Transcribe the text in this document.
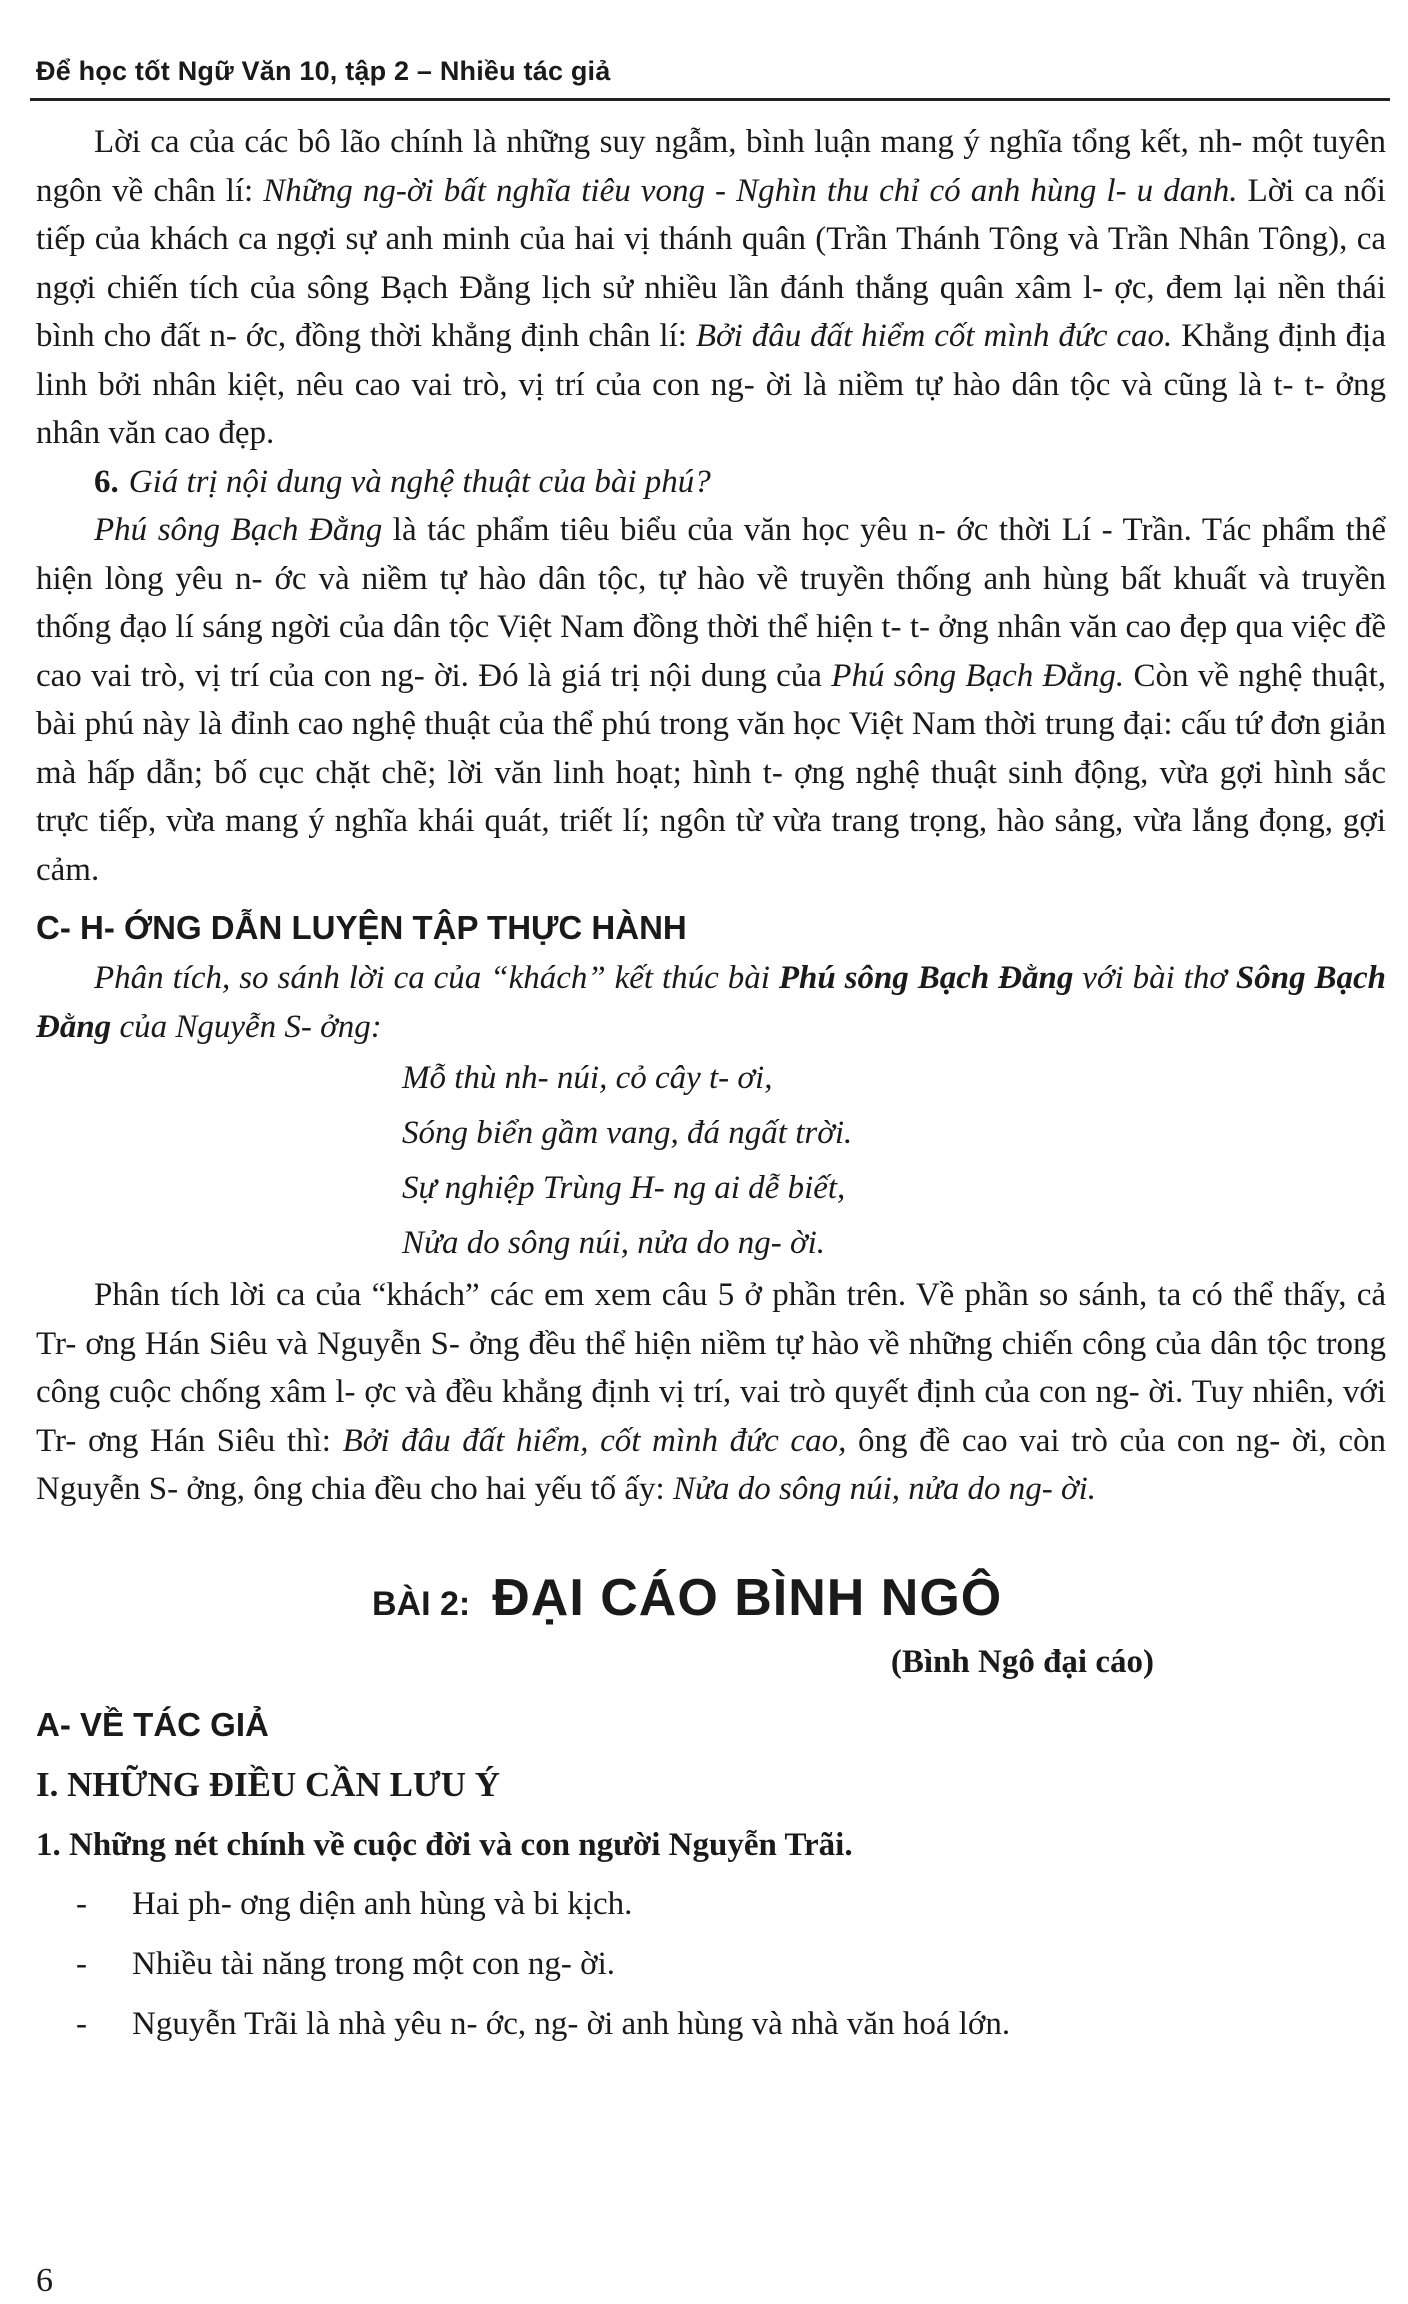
Để học tốt Ngữ Văn 10, tập 2 – Nhiều tác giả

Lời ca của các bô lão chính là những suy ngẫm, bình luận mang ý nghĩa tổng kết, nh- một tuyên ngôn về chân lí: Những ng-ời bất nghĩa tiêu vong - Nghìn thu chỉ có anh hùng l- u danh. Lời ca nối tiếp của khách ca ngợi sự anh minh của hai vị thánh quân (Trần Thánh Tông và Trần Nhân Tông), ca ngợi chiến tích của sông Bạch Đằng lịch sử nhiều lần đánh thắng quân xâm l- ợc, đem lại nền thái bình cho đất n- ớc, đồng thời khẳng định chân lí: Bởi đâu đất hiểm cốt mình đức cao. Khẳng định địa linh bởi nhân kiệt, nêu cao vai trò, vị trí của con ng- ời là niềm tự hào dân tộc và cũng là t- t- ởng nhân văn cao đẹp.

6. Giá trị nội dung và nghệ thuật của bài phú?

Phú sông Bạch Đằng là tác phẩm tiêu biểu của văn học yêu n- ớc thời Lí - Trần. Tác phẩm thể hiện lòng yêu n- ớc và niềm tự hào dân tộc, tự hào về truyền thống anh hùng bất khuất và truyền thống đạo lí sáng ngời của dân tộc Việt Nam đồng thời thể hiện t- t- ởng nhân văn cao đẹp qua việc đề cao vai trò, vị trí của con ng- ời. Đó là giá trị nội dung của Phú sông Bạch Đằng. Còn về nghệ thuật, bài phú này là đỉnh cao nghệ thuật của thể phú trong văn học Việt Nam thời trung đại: cấu tứ đơn giản mà hấp dẫn; bố cục chặt chẽ; lời văn linh hoạt; hình t- ợng nghệ thuật sinh động, vừa gợi hình sắc trực tiếp, vừa mang ý nghĩa khái quát, triết lí; ngôn từ vừa trang trọng, hào sảng, vừa lắng đọng, gợi cảm.

C- H- ỚNG DẪN LUYỆN TẬP THỰC HÀNH

Phân tích, so sánh lời ca của “khách” kết thúc bài Phú sông Bạch Đằng với bài thơ Sông Bạch Đằng của Nguyễn S- ởng:

Mỗ thù nh- núi, cỏ cây t- ơi,
Sóng biển gầm vang, đá ngất trời.
Sự nghiệp Trùng H- ng ai dễ biết,
Nửa do sông núi, nửa do ng- ời.

Phân tích lời ca của “khách” các em xem câu 5 ở phần trên. Về phần so sánh, ta có thể thấy, cả Tr- ơng Hán Siêu và Nguyễn S- ởng đều thể hiện niềm tự hào về những chiến công của dân tộc trong công cuộc chống xâm l- ợc và đều khẳng định vị trí, vai trò quyết định của con ng- ời. Tuy nhiên, với Tr- ơng Hán Siêu thì: Bởi đâu đất hiểm, cốt mình đức cao, ông đề cao vai trò của con ng- ời, còn Nguyễn S- ởng, ông chia đều cho hai yếu tố ấy: Nửa do sông núi, nửa do ng- ời.

BÀI 2: ĐẠI CÁO BÌNH NGÔ
(Bình Ngô đại cáo)
A- VỀ TÁC GIẢ
I. NHỮNG ĐIỀU CẦN LƯU Ý
1. Những nét chính về cuộc đời và con người Nguyễn Trãi.
- Hai ph- ơng diện anh hùng và bi kịch.
- Nhiều tài năng trong một con ng- ời.
- Nguyễn Trãi là nhà yêu n- ớc, ng- ời anh hùng và nhà văn hoá lớn.
6
